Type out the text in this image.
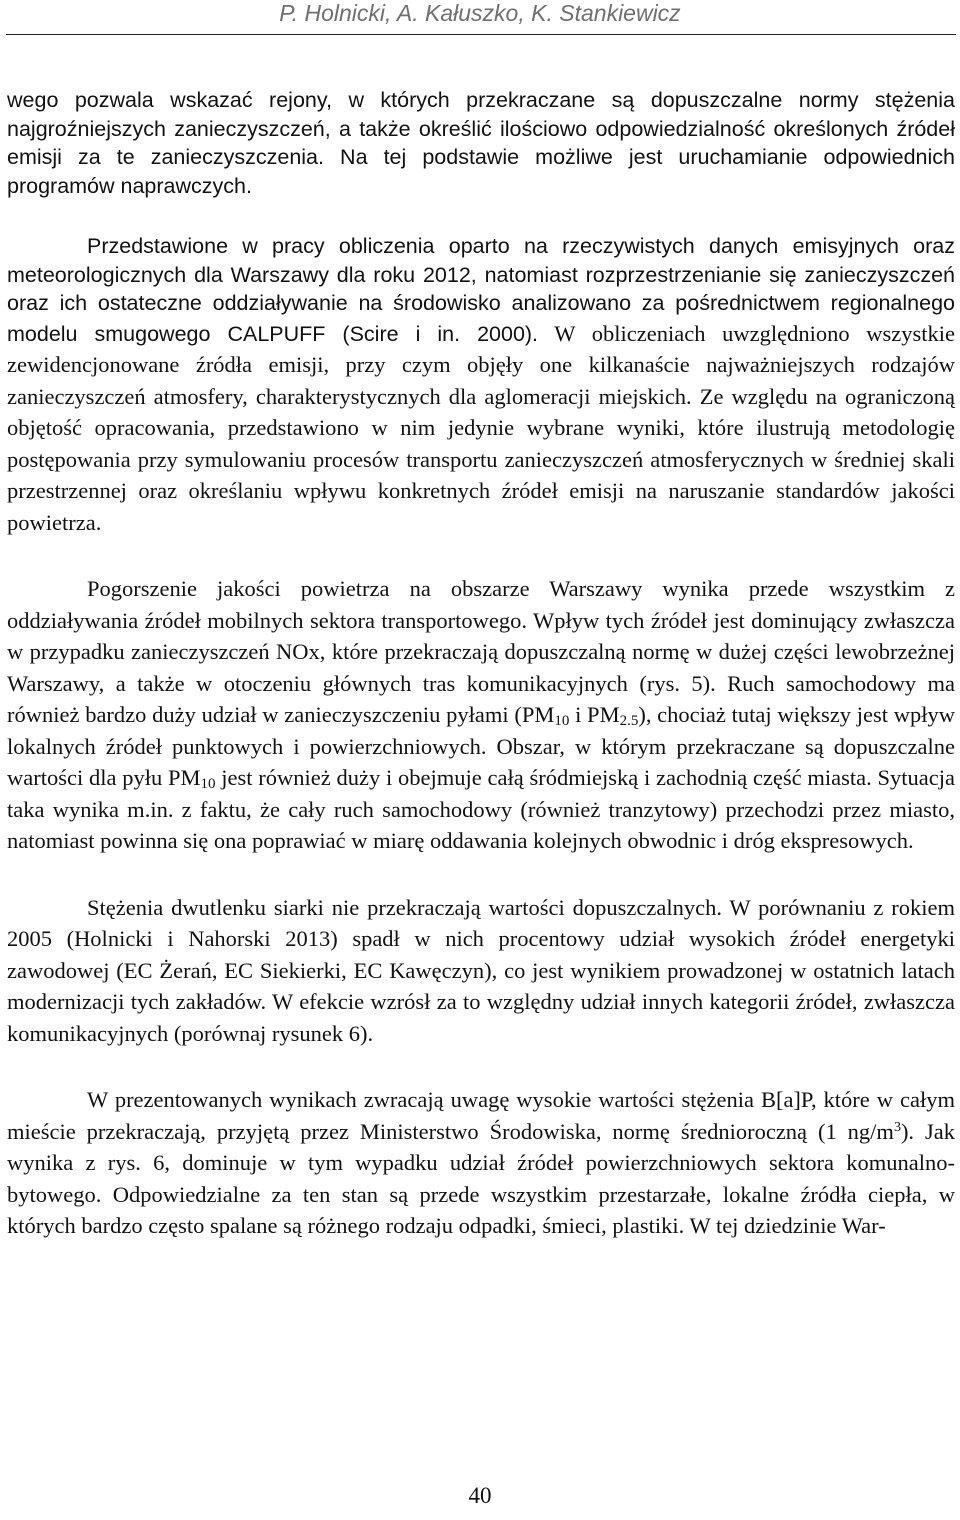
P. Holnicki, A. Kałuszko, K. Stankiewicz

wego pozwala wskazać rejony, w których przekraczane są dopuszczalne normy stężenia najgroźniejszych zanieczyszczeń, a także określić ilościowo odpowiedzialność określonych źródeł emisji za te zanieczyszczenia. Na tej podstawie możliwe jest uruchamianie odpowiednich programów naprawczych.

Przedstawione w pracy obliczenia oparto na rzeczywistych danych emisyjnych oraz meteorologicznych dla Warszawy dla roku 2012, natomiast rozprzestrzenianie się zanieczyszczeń oraz ich ostateczne oddziaływanie na środowisko analizowano za pośrednictwem regionalnego modelu smugowego CALPUFF (Scire i in. 2000). W obliczeniach uwzględniono wszystkie zewidencjonowane źródła emisji, przy czym objęły one kilkanaście najważniejszych rodzajów zanieczyszczeń atmosfery, charakterystycznych dla aglomeracji miejskich. Ze względu na ograniczoną objętość opracowania, przedstawiono w nim jedynie wybrane wyniki, które ilustrują metodologię postępowania przy symulowaniu procesów transportu zanieczyszczeń atmosferycznych w średniej skali przestrzennej oraz określaniu wpływu konkretnych źródeł emisji na naruszanie standardów jakości powietrza.

Pogorszenie jakości powietrza na obszarze Warszawy wynika przede wszystkim z oddziaływania źródeł mobilnych sektora transportowego. Wpływ tych źródeł jest dominujący zwłaszcza w przypadku zanieczyszczeń NOx, które przekraczają dopuszczalną normę w dużej części lewobrzeżnej Warszawy, a także w otoczeniu głównych tras komunikacyjnych (rys. 5). Ruch samochodowy ma również bardzo duży udział w zanieczyszczeniu pyłami ($PM_{10}$ i $PM_{2.5}$), chociaż tutaj większy jest wpływ lokalnych źródeł punktowych i powierzchniowych. Obszar, w którym przekraczane są dopuszczalne wartości dla pyłu $PM_{10}$ jest również duży i obejmuje całą śródmiejską i zachodnią część miasta. Sytuacja taka wynika m.in. z faktu, że cały ruch samochodowy (również tranzytowy) przechodzi przez miasto, natomiast powinna się ona poprawiać w miarę oddawania kolejnych obwodnic i dróg ekspresowych.

Stężenia dwutlenku siarki nie przekraczają wartości dopuszczalnych. W porównaniu z rokiem 2005 (Holnicki i Nahorski 2013) spadł w nich procentowy udział wysokich źródeł energetyki zawodowej (EC Żerań, EC Siekierki, EC Kawęczyn), co jest wynikiem prowadzonej w ostatnich latach modernizacji tych zakładów. W efekcie wzrósł za to względny udział innych kategorii źródeł, zwłaszcza komunikacyjnych (porównaj rysunek 6).

W prezentowanych wynikach zwracają uwagę wysokie wartości stężenia B[a]P, które w całym mieście przekraczają, przyjętą przez Ministerstwo Środowiska, normę średnioroczną (1 $ng/m^3$). Jak wynika z rys. 6, dominuje w tym wypadku udział źródeł powierzchniowych sektora komunalno-bytowego. Odpowiedzialne za ten stan są przede wszystkim przestarzałe, lokalne źródła ciepła, w których bardzo często spalane są różnego rodzaju odpadki, śmieci, plastiki. W tej dziedzinie War-

40
